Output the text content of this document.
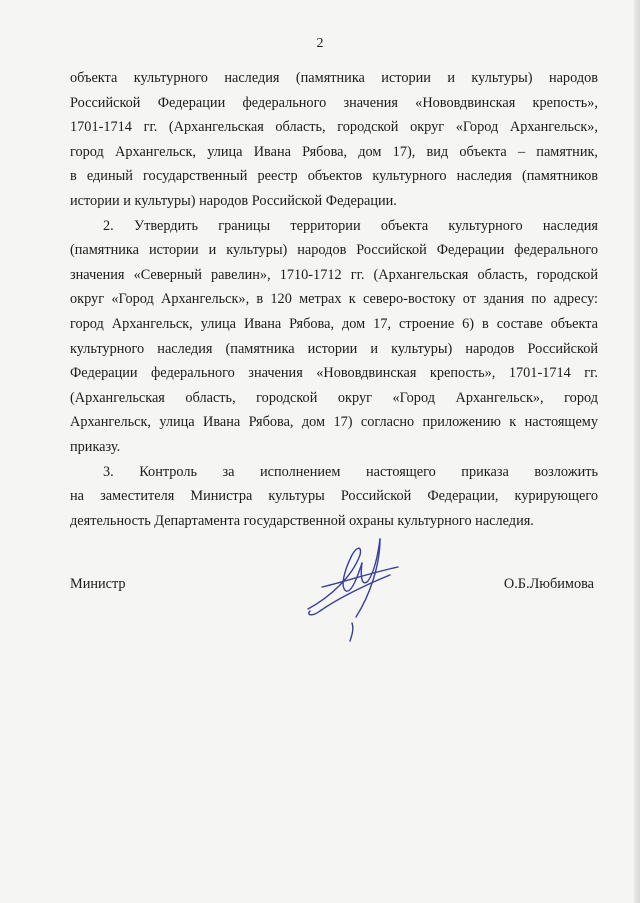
2

объекта культурного наследия (памятника истории и культуры) народов
Российской Федерации федерального значения «Нововдвинская крепость»,
1701-1714 гг. (Архангельская область, городской округ «Город Архангельск»,
город Архангельск, улица Ивана Рябова, дом 17), вид объекта – памятник,
в единый государственный реестр объектов культурного наследия (памятников
истории и культуры) народов Российской Федерации.

2. Утвердить границы территории объекта культурного наследия
(памятника истории и культуры) народов Российской Федерации федерального
значения «Северный равелин», 1710-1712 гг. (Архангельская область, городской
округ «Город Архангельск», в 120 метрах к северо-востоку от здания по адресу:
город Архангельск, улица Ивана Рябова, дом 17, строение 6) в составе объекта
культурного наследия (памятника истории и культуры) народов Российской
Федерации федерального значения «Нововдвинская крепость», 1701-1714 гг.
(Архангельская область, городской округ «Город Архангельск», город
Архангельск, улица Ивана Рябова, дом 17) согласно приложению к настоящему
приказу.

3. Контроль за исполнением настоящего приказа возложить
на заместителя Министра культуры Российской Федерации, курирующего
деятельность Департамента государственной охраны культурного наследия.

Министр	О.Б.Любимова
